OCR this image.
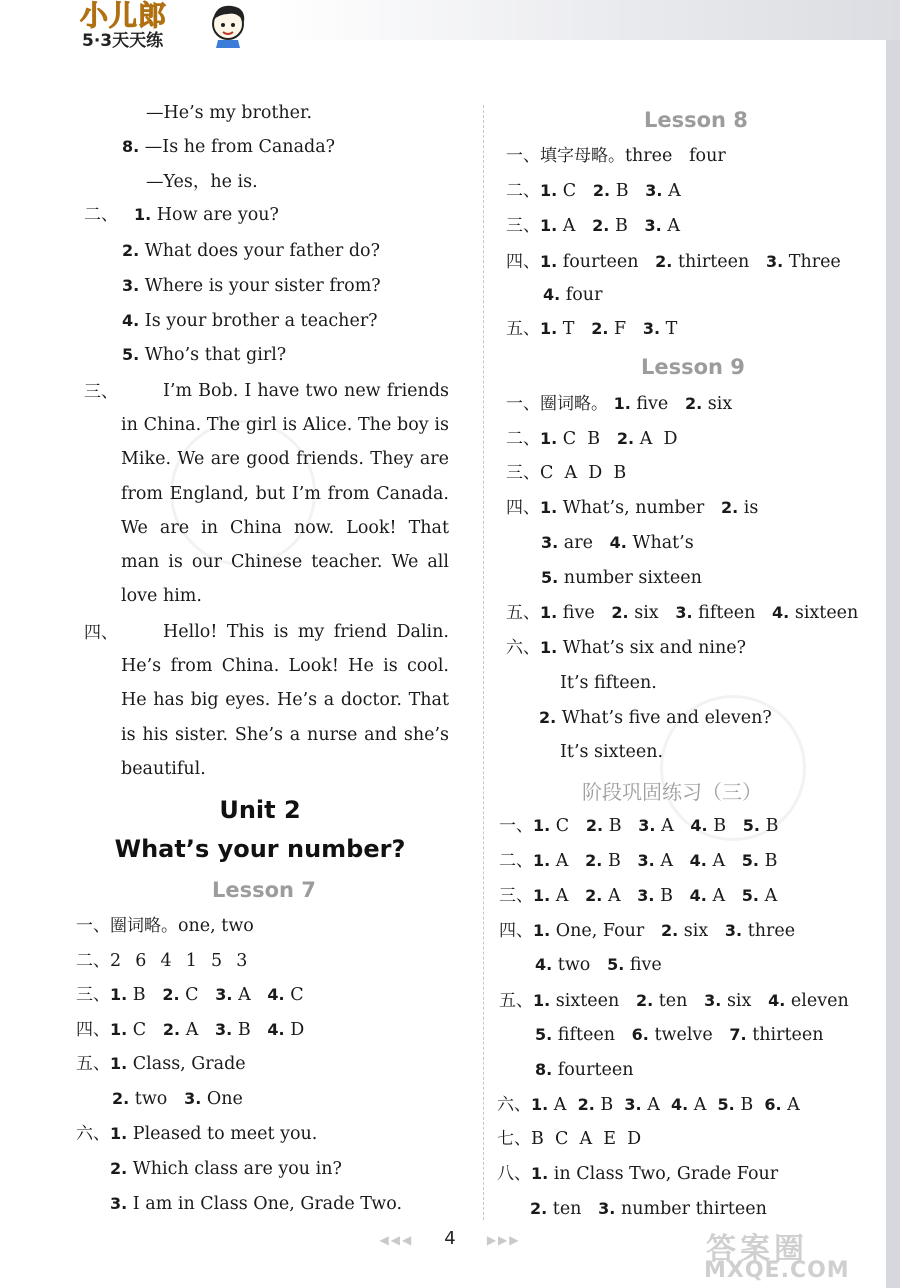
小儿郎
5·3天天练
—He’s my brother.
8. —Is he from Canada?
—Yes，he is.
二、 1. How are you?
2. What does your father do?
3. Where is your sister from?
4. Is your brother a teacher?
5. Who’s that girl?
三、	I’m Bob. I have two new friends in China. The girl is Alice. The boy is Mike. We are good friends. They are from England, but I’m from Canada. We are in China now. Look! That man is our Chinese teacher. We all love him.
四、	Hello! This is my friend Dalin. He’s from China. Look! He is cool. He has big eyes. He’s a doctor. That is his sister. She’s a nurse and she’s beautiful.
Unit 2
What’s your number?
Lesson 7
一、圈词略。one, two
二、2  6  4  1  5  3
三、1. B 2. C 3. A 4. C
四、1. C 2. A 3. B 4. D
五、1. Class, Grade
2. two 3. One
六、1. Pleased to meet you.
2. Which class are you in?
3. I am in Class One, Grade Two.
Lesson 8
一、填字母略。three   four
二、1. C 2. B 3. A
三、1. A 2. B 3. A
四、1. fourteen 2. thirteen 3. Three
4. four
五、1. T 2. F 3. T
Lesson 9
一、圈词略。 1. five 2. six
二、1. C  B 2. A  D
三、C  A  D  B
四、1. What’s, number 2. is
3. are 4. What’s
5. number sixteen
五、1. five 2. six 3. fifteen 4. sixteen
六、1. What’s six and nine?
It’s fifteen.
2. What’s five and eleven?
It’s sixteen.
阶段巩固练习（三）
一、1. C 2. B 3. A 4. B 5. B
二、1. A 2. B 3. A 4. A 5. B
三、1. A 2. A 3. B 4. A 5. A
四、1. One, Four 2. six 3. three
4. two 5. five
五、1. sixteen 2. ten 3. six 4. eleven
5. fifteen 6. twelve 7. thirteen
8. fourteen
六、1. A 2. B 3. A 4. A 5. B 6. A
七、B  C  A  E  D
八、1. in Class Two, Grade Four
2. ten 3. number thirteen
◀◀◀ 4	▶▶▶	答案圈
MXQE.COM
